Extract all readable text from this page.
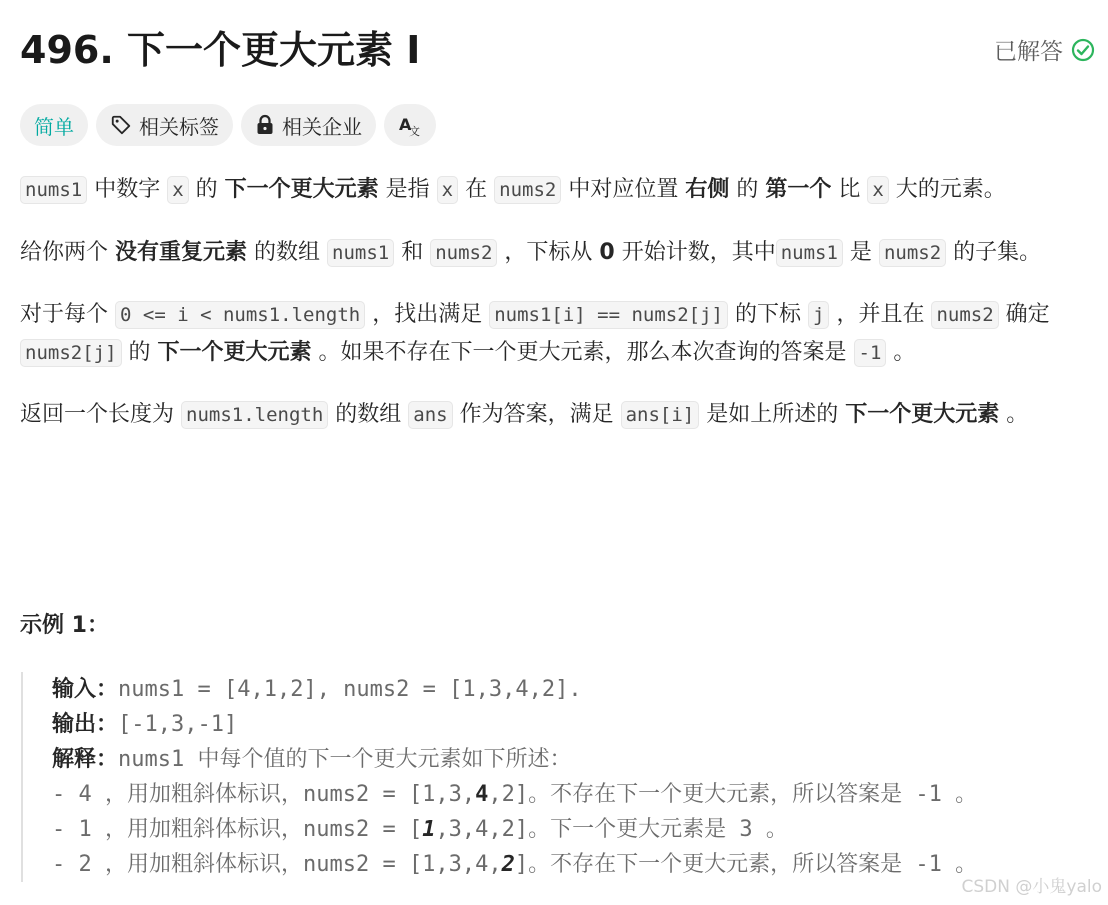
496. 下一个更大元素 I	已解答
简单	相关标签	相关企业 A
文

nums1 中数字 x 的 下一个更大元素 是指 x 在 nums2 中对应位置 右侧 的 第一个 比 x 大的元素。

给你两个 没有重复元素 的数组 nums1 和 nums2 ，下标从 0 开始计数，其中 nums1 是 nums2 的子集。

对于每个 0 <= i < nums1.length ，找出满足 nums1[i] == nums2[j] 的下标 j ，并且在 nums2 确定 nums2[j] 的 下一个更大元素 。如果不存在下一个更大元素，那么本次查询的答案是 -1 。

返回一个长度为 nums1.length 的数组 ans 作为答案，满足 ans[i] 是如上所述的 下一个更大元素 。

示例 1：
输入：nums1 = [4,1,2], nums2 = [1,3,4,2].
输出：[-1,3,-1]
解释：nums1 中每个值的下一个更大元素如下所述：
- 4 ，用加粗斜体标识，nums2 = [1,3,4,2]。不存在下一个更大元素，所以答案是 -1 。
- 1 ，用加粗斜体标识，nums2 = [1,3,4,2]。下一个更大元素是 3 。
- 2 ，用加粗斜体标识，nums2 = [1,3,4,2]。不存在下一个更大元素，所以答案是 -1 。
CSDN @小鬼yalo
